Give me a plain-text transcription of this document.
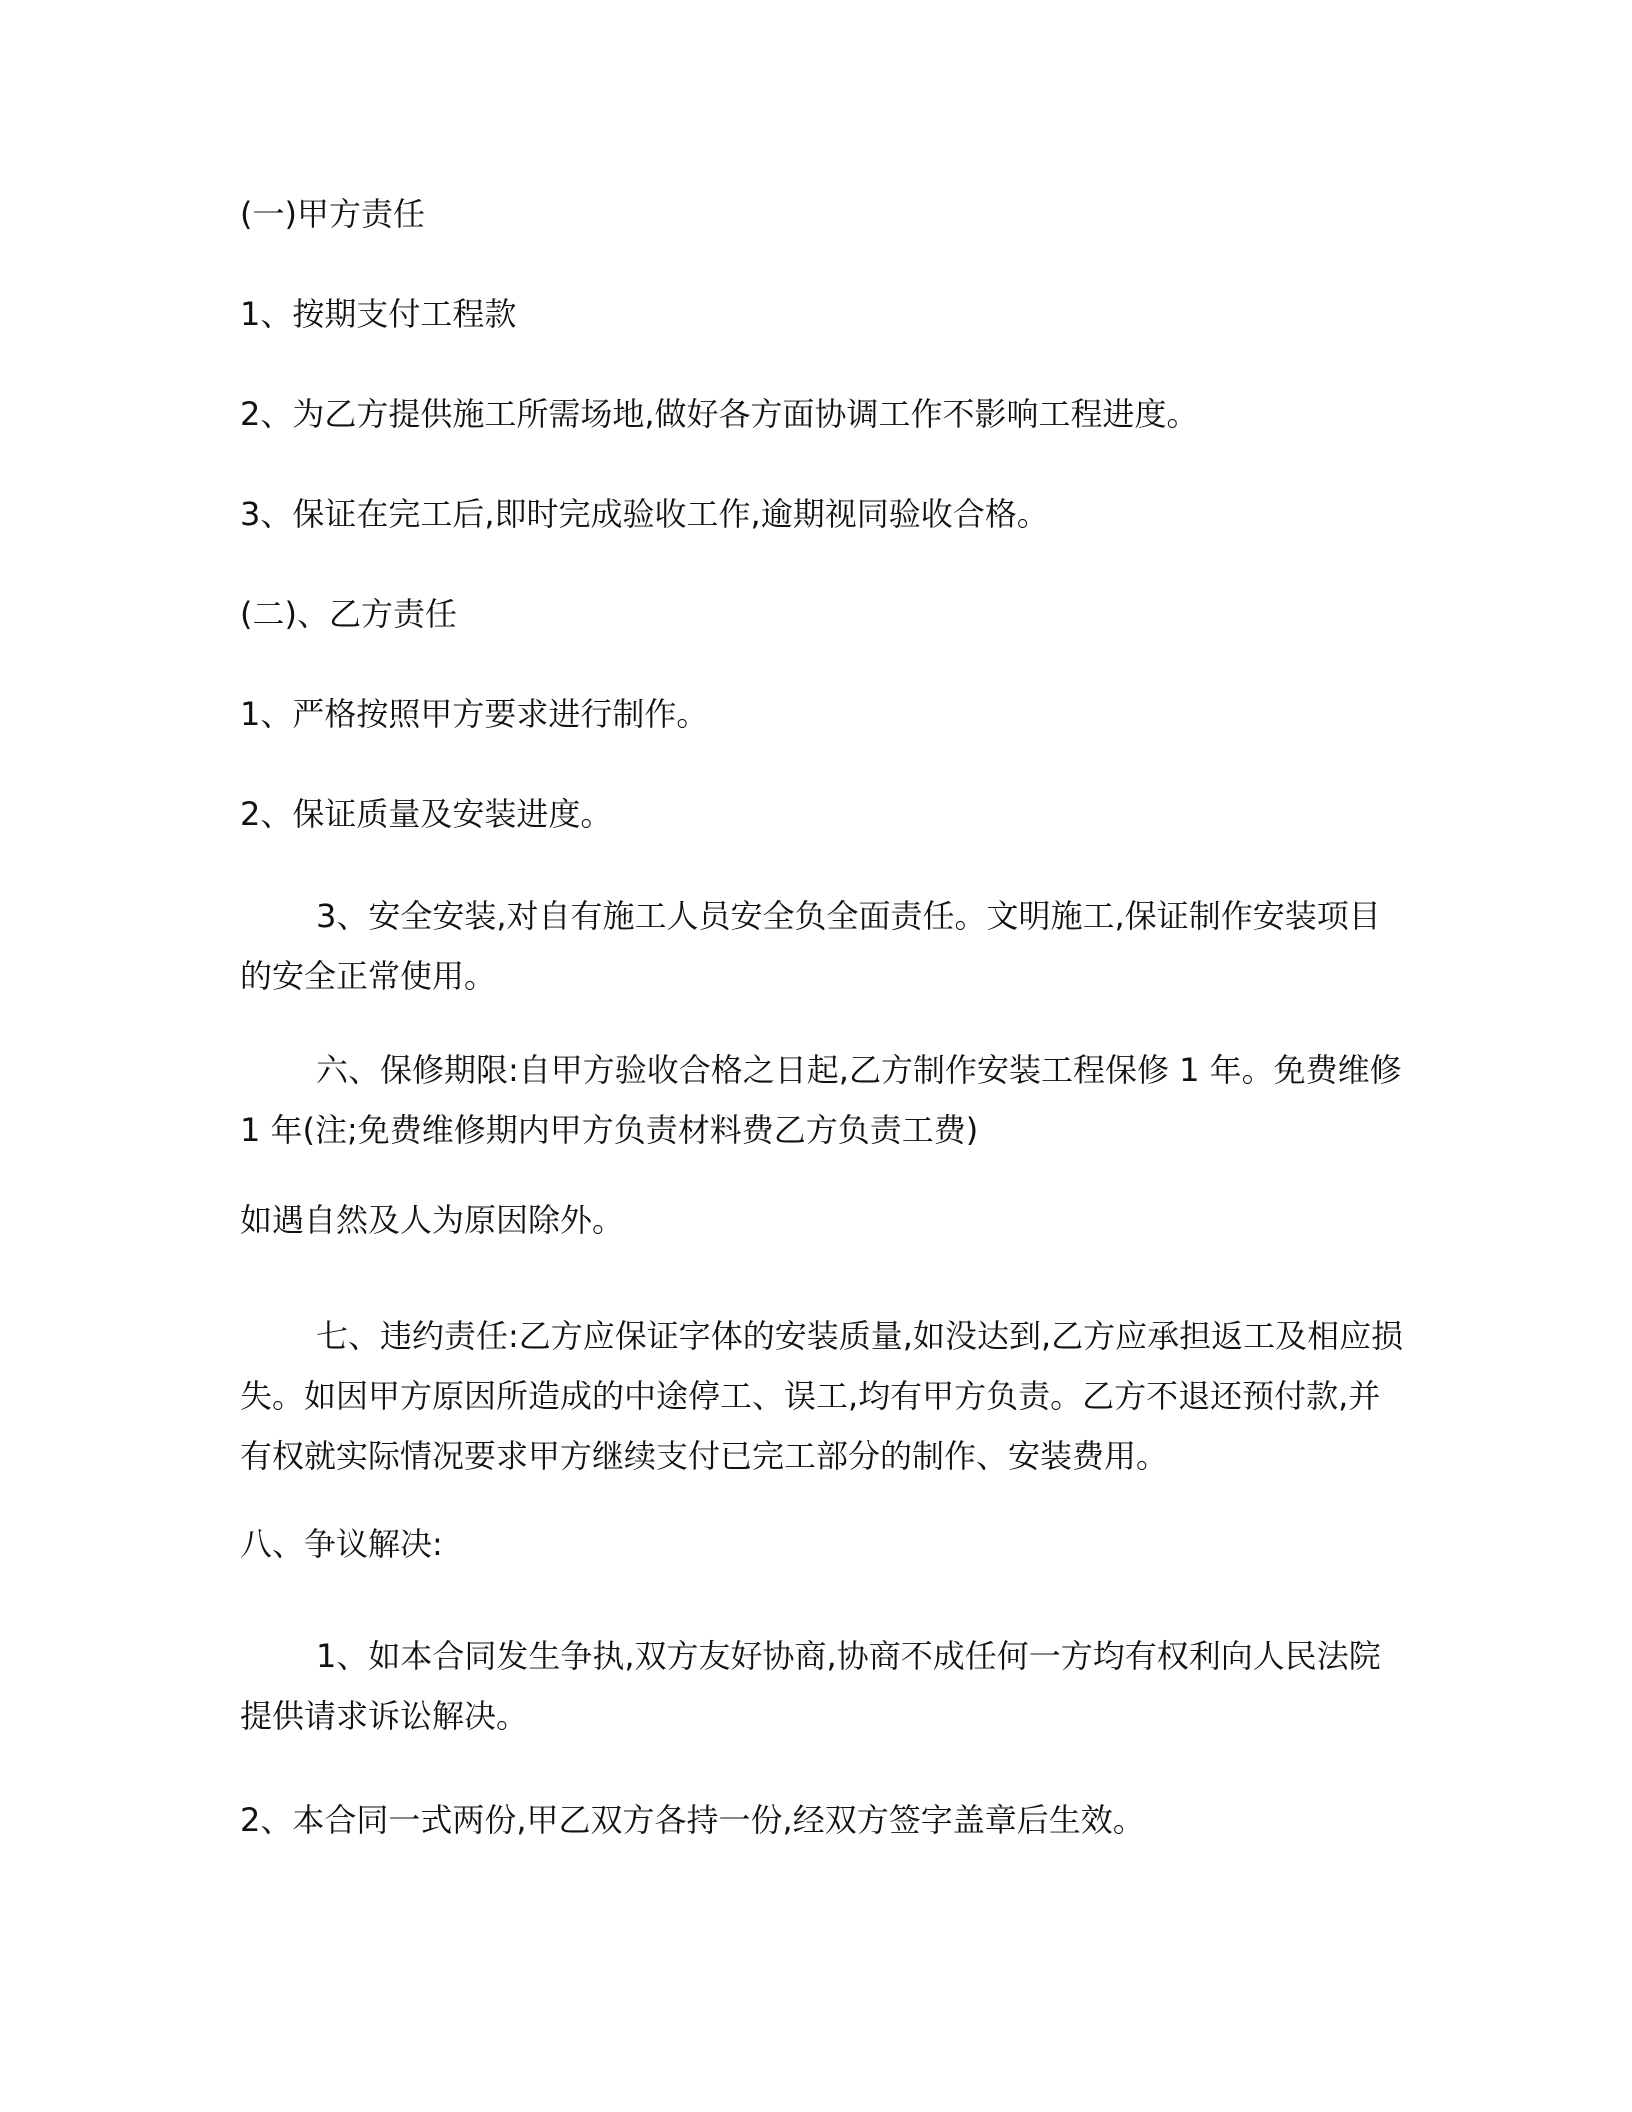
(一)甲方责任
1、按期支付工程款
2、为乙方提供施工所需场地,做好各方面协调工作不影响工程进度。
3、保证在完工后,即时完成验收工作,逾期视同验收合格。
(二)、乙方责任
1、严格按照甲方要求进行制作。
2、保证质量及安装进度。
3、安全安装,对自有施工人员安全负全面责任。文明施工,保证制作安装项目的安全正常使用。
六、保修期限:自甲方验收合格之日起,乙方制作安装工程保修 1 年。免费维修 1 年(注;免费维修期内甲方负责材料费乙方负责工费)
如遇自然及人为原因除外。
七、违约责任:乙方应保证字体的安装质量,如没达到,乙方应承担返工及相应损失。如因甲方原因所造成的中途停工、误工,均有甲方负责。乙方不退还预付款,并有权就实际情况要求甲方继续支付已完工部分的制作、安装费用。
八、争议解决:
1、如本合同发生争执,双方友好协商,协商不成任何一方均有权利向人民法院提供请求诉讼解决。
2、本合同一式两份,甲乙双方各持一份,经双方签字盖章后生效。
